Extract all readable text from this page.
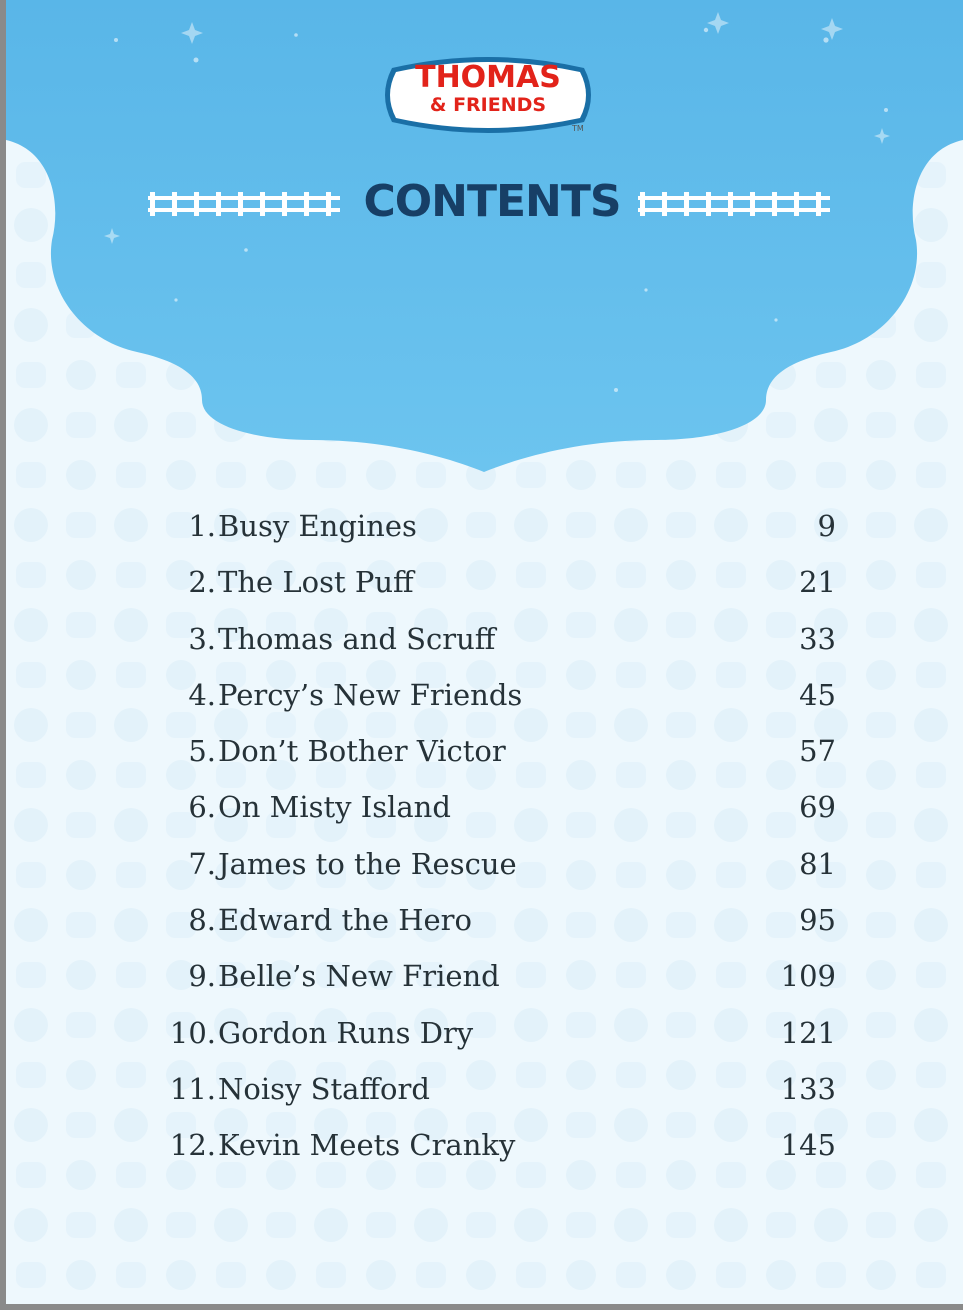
THOMAS
& FRIENDS
TM
CONTENTS
1. Busy Engines	9
2. The Lost Puff	21
3. Thomas and Scruff	33
4. Percy’s New Friends	45
5. Don’t Bother Victor	57
6. On Misty Island	69
7. James to the Rescue	81
8. Edward the Hero	95
9. Belle’s New Friend	109
10. Gordon Runs Dry	121
11. Noisy Stafford	133
12. Kevin Meets Cranky	145
